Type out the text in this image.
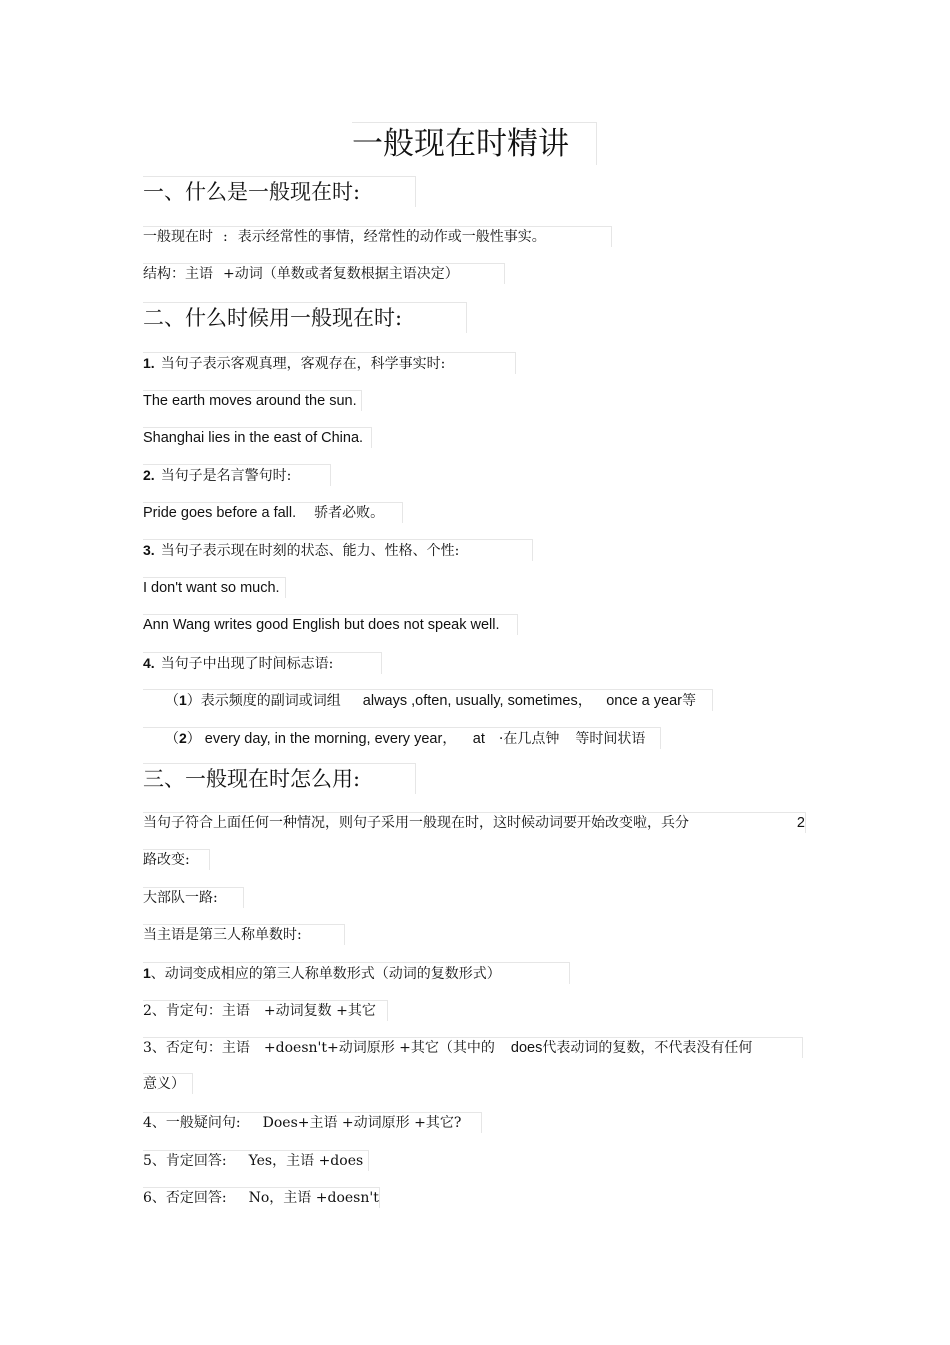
一般现在时精讲
一、什么是一般现在时:
一般现在时 : 表示经常性的事情，经常性的动作或一般性事实。
结构：主语 +动词（单数或者复数根据主语决定）
二、什么时候用一般现在时:
1. 当句子表示客观真理，客观存在，科学事实时:
The earth moves around the sun.
Shanghai lies in the east of China.
2. 当句子是名言警句时:
Pride goes before a fall. 骄者必败。
3. 当句子表示现在时刻的状态、能力、性格、个性:
I don't want so much.
Ann Wang writes good English but does not speak well.
4. 当句子中出现了时间标志语:
（1）表示频度的副词或词组 always ,often, usually, sometimes， once a year等
（2） every day, in the morning, every year， at ·在几点钟 等时间状语
三、一般现在时怎么用:
当句子符合上面任何一种情况，则句子采用一般现在时，这时候动词要开始改变啦，兵分	2
路改变:
大部队一路:
当主语是第三人称单数时:
1、动词变成相应的第三人称单数形式（动词的复数形式）
2、肯定句：主语 +动词复数 +其它
3、否定句：主语 +doesn't+动词原形 +其它（其中的 does代表动词的复数，不代表没有任何
意义）
4、一般疑问句: Does+主语 +动词原形 +其它?
5、肯定回答: Yes，主语 +does
6、否定回答: No，主语 +doesn't
